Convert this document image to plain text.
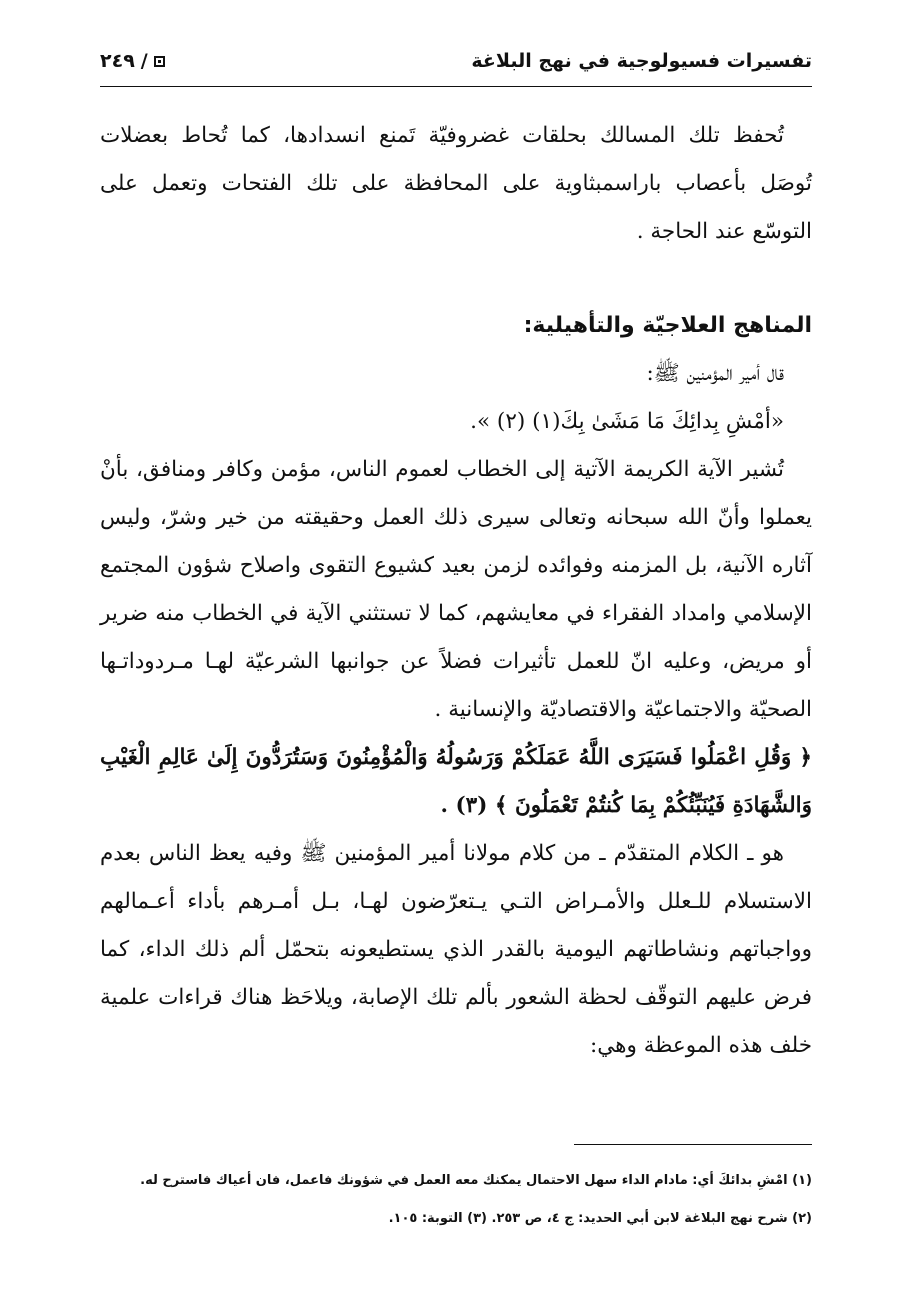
تفسيرات فسيولوجية في نهج البلاغة
٢٤٩ /

تُحفظ تلك المسالك بحلقات غضروفيّة تَمنع انسدادها، كما تُحاط بعضلات تُوصَل بأعصاب باراسمبثاوية على المحافظة على تلك الفتحات وتعمل على التوسّع عند الحاجة .

المناهج العلاجيّة والتأهيلية:

قال أمير المؤمنين ﷺ:

«أمْشِ بِدائِكَ مَا مَشَىٰ بِكَ(١) (٢) ».

تُشير الآية الكريمة الآتية إلى الخطاب لعموم الناس، مؤمن وكافر ومنافق، بأنْ يعملوا وأنّ الله سبحانه وتعالى سيرى ذلك العمل وحقيقته من خير وشرّ، وليس آثاره الآنية، بل المزمنه وفوائده لزمن بعيد كشيوع التقوى واصلاح شؤون المجتمع الإسلامي وامداد الفقراء في معايشهم، كما لا تستثني الآية في الخطاب منه ضرير أو مريض، وعليه انّ للعمل تأثيرات فضلاً عن جوانبها الشرعيّة لهـا مـردوداتـها الصحيّة والاجتماعيّة والاقتصاديّة والإنسانية .

﴿ وَقُلِ اعْمَلُوا فَسَيَرَى اللَّهُ عَمَلَكُمْ وَرَسُولُهُ وَالْمُؤْمِنُونَ وَسَتُرَدُّونَ إِلَىٰ عَالِمِ الْغَيْبِ وَالشَّهَادَةِ فَيُنَبِّئُكُمْ بِمَا كُنتُمْ تَعْمَلُونَ ﴾ (٣) .

هو ـ الكلام المتقدّم ـ من كلام مولانا أمير المؤمنين ﷺ وفيه يعظ الناس بعدم الاستسلام للـعلل والأمـراض التـي يـتعرّضون لهـا، بـل أمـرهم بأداء أعـمالهم وواجباتهم ونشاطاتهم اليومية بالقدر الذي يستطيعونه بتحمّل ألم ذلك الداء، كما فرض عليهم التوقّف لحظة الشعور بألم تلك الإصابة، ويلاحَظ هناك قراءات علمية خلف هذه الموعظة وهي:

(١) امْشِ بدائكَ أي: مادام الداء سهل الاحتمال يمكنك معه العمل في شؤونك فاعمل، فان أعياك فاسترح له.

(٢) شرح نهج البلاغة لابن أبي الحديد: ج ٤، ص ٢٥٣. (٣) التوبة: ١٠٥.
